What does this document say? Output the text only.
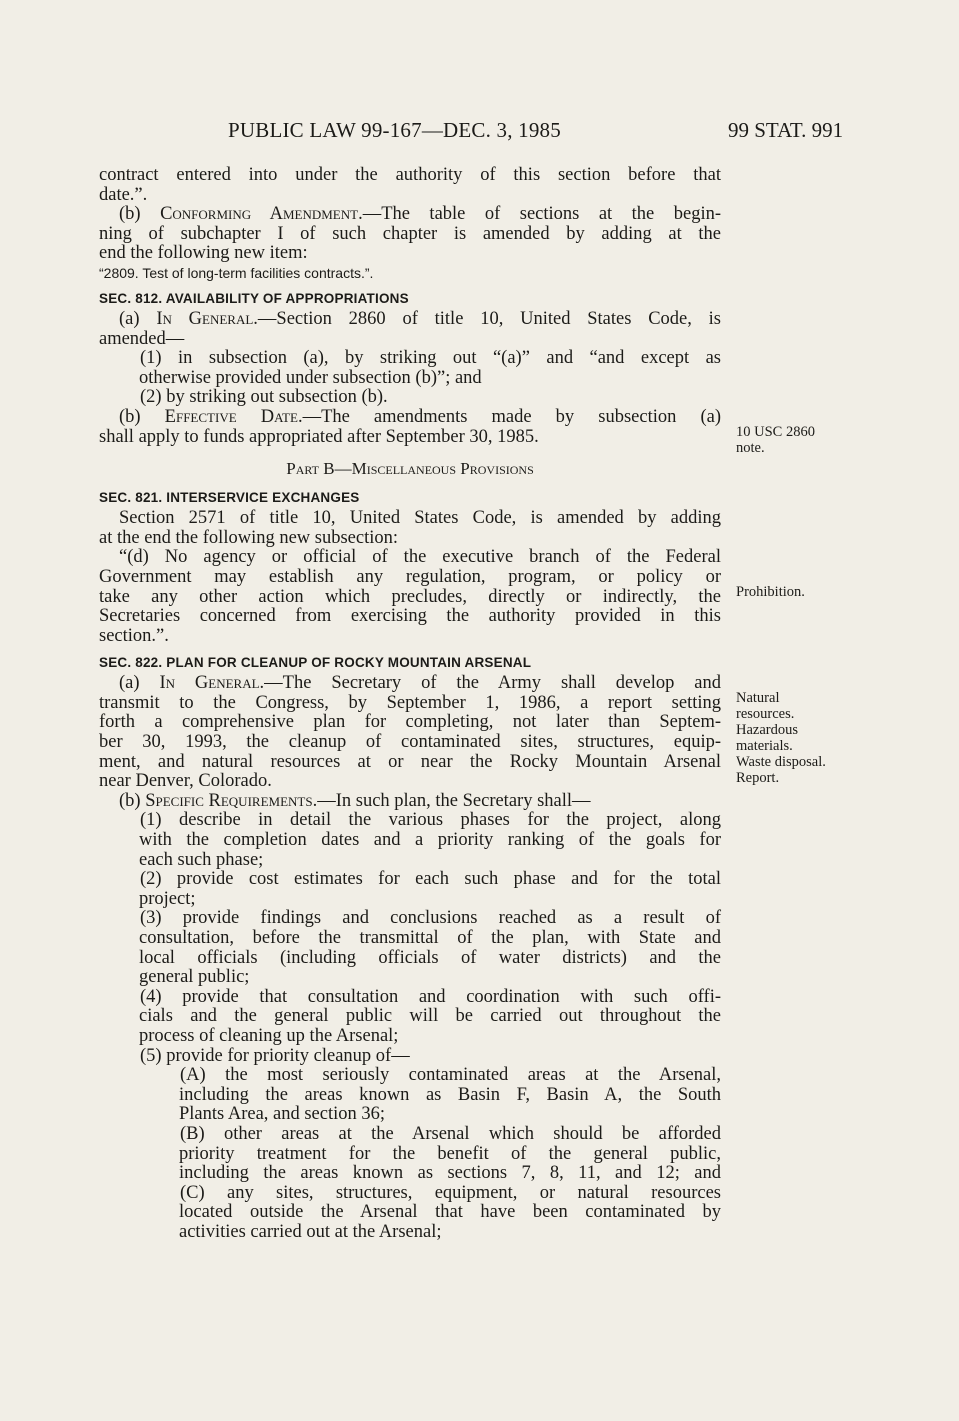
PUBLIC LAW 99-167—DEC. 3, 1985	99 STAT. 991
contract entered into under the authority of this section before that
date.”.
(b) Conforming Amendment.—The table of sections at the begin-
ning of subchapter I of such chapter is amended by adding at the
end the following new item:
“2809. Test of long-term facilities contracts.”.
SEC. 812. AVAILABILITY OF APPROPRIATIONS
(a) In General.—Section 2860 of title 10, United States Code, is
amended—
(1) in subsection (a), by striking out “(a)” and “and except as
otherwise provided under subsection (b)”; and
(2) by striking out subsection (b).
(b) Effective Date.—The amendments made by subsection (a)
shall apply to funds appropriated after September 30, 1985.
Part B—Miscellaneous Provisions
SEC. 821. INTERSERVICE EXCHANGES
Section 2571 of title 10, United States Code, is amended by adding
at the end the following new subsection:
“(d) No agency or official of the executive branch of the Federal
Government may establish any regulation, program, or policy or
take any other action which precludes, directly or indirectly, the
Secretaries concerned from exercising the authority provided in this
section.”.
SEC. 822. PLAN FOR CLEANUP OF ROCKY MOUNTAIN ARSENAL
(a) In General.—The Secretary of the Army shall develop and
transmit to the Congress, by September 1, 1986, a report setting
forth a comprehensive plan for completing, not later than Septem-
ber 30, 1993, the cleanup of contaminated sites, structures, equip-
ment, and natural resources at or near the Rocky Mountain Arsenal
near Denver, Colorado.
(b) Specific Requirements.—In such plan, the Secretary shall—
(1) describe in detail the various phases for the project, along
with the completion dates and a priority ranking of the goals for
each such phase;
(2) provide cost estimates for each such phase and for the total
project;
(3) provide findings and conclusions reached as a result of
consultation, before the transmittal of the plan, with State and
local officials (including officials of water districts) and the
general public;
(4) provide that consultation and coordination with such offi-
cials and the general public will be carried out throughout the
process of cleaning up the Arsenal;
(5) provide for priority cleanup of—
(A) the most seriously contaminated areas at the Arsenal,
including the areas known as Basin F, Basin A, the South
Plants Area, and section 36;
(B) other areas at the Arsenal which should be afforded
priority treatment for the benefit of the general public,
including the areas known as sections 7, 8, 11, and 12; and
(C) any sites, structures, equipment, or natural resources
located outside the Arsenal that have been contaminated by
activities carried out at the Arsenal;
10 USC 2860
note.
Prohibition.
Natural
resources.
Hazardous
materials.
Waste disposal.
Report.
